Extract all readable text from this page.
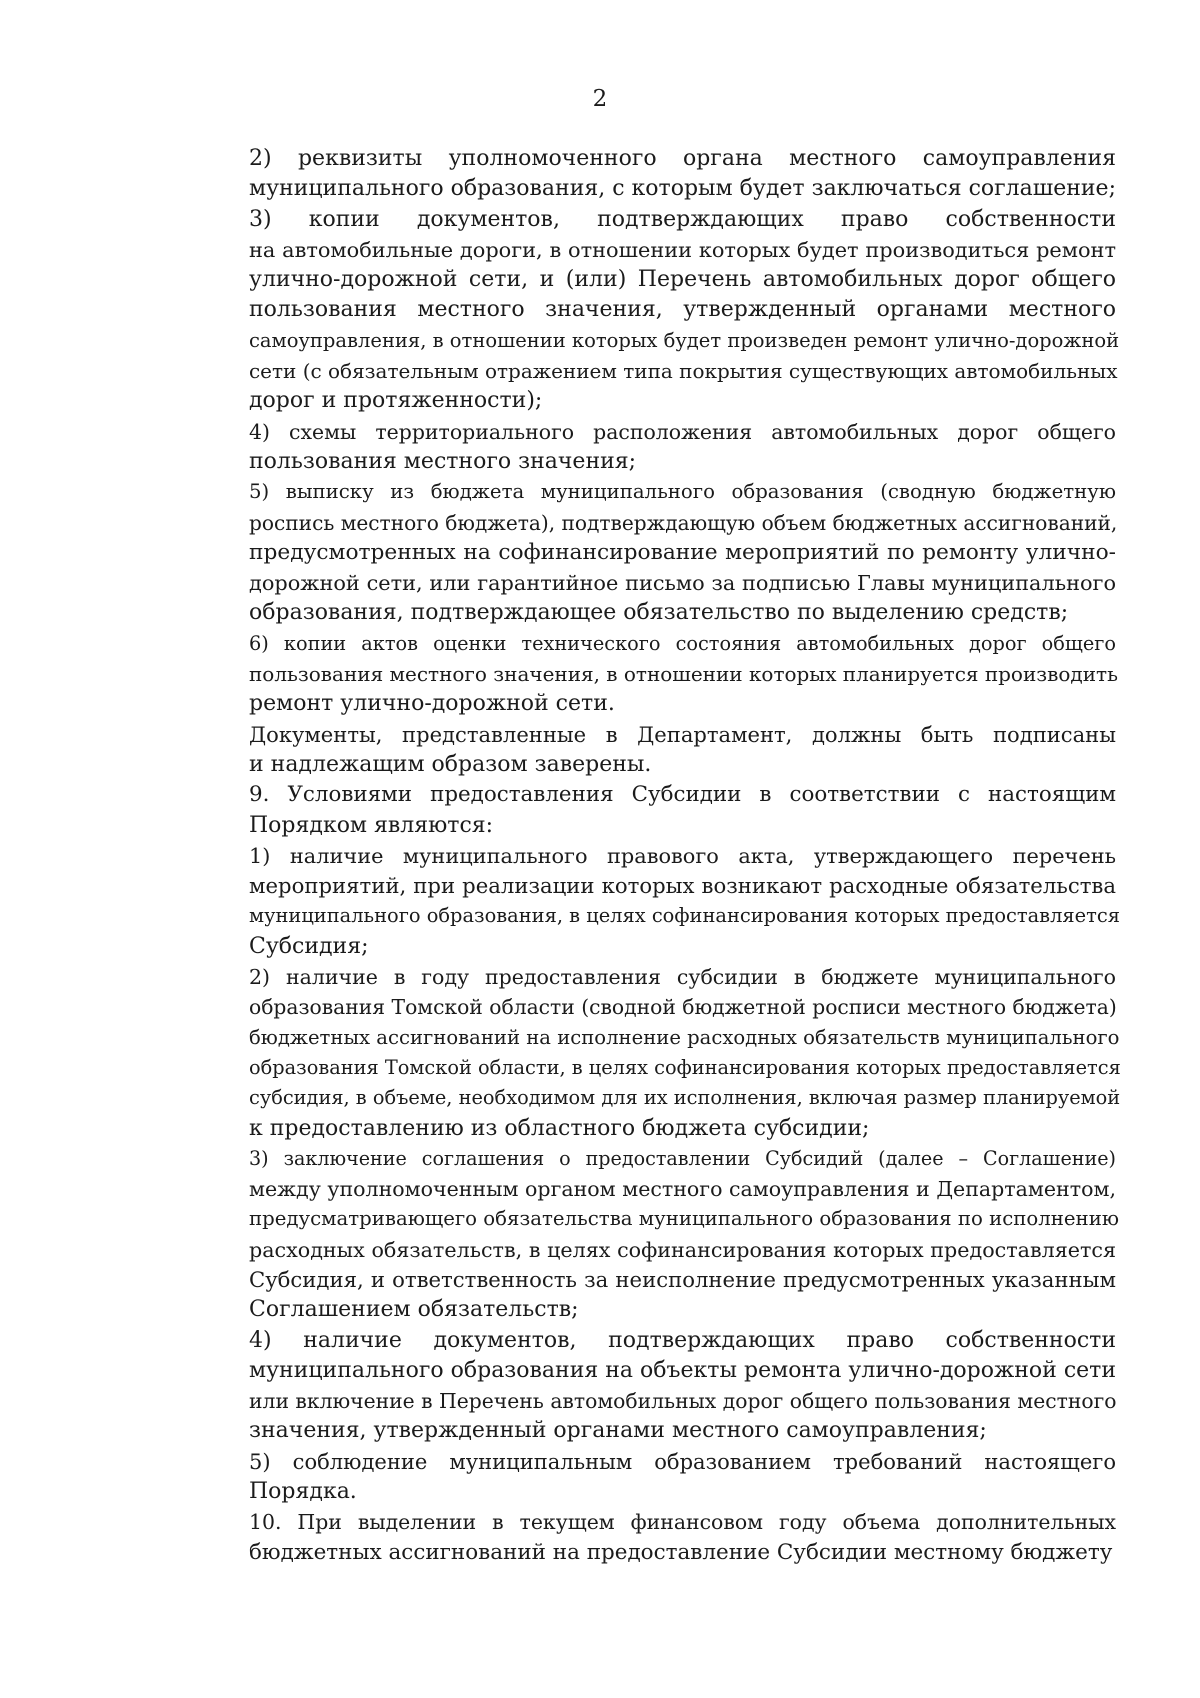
2

2) реквизиты уполномоченного органа местного самоуправления
муниципального образования, с которым будет заключаться соглашение;

3) копии документов, подтверждающих право собственности
на автомобильные дороги, в отношении которых будет производиться ремонт
улично-дорожной сети, и (или) Перечень автомобильных дорог общего
пользования местного значения, утвержденный органами местного
самоуправления, в отношении которых будет произведен ремонт улично-дорожной
сети (с обязательным отражением типа покрытия существующих автомобильных
дорог и протяженности);

4) схемы территориального расположения автомобильных дорог общего
пользования местного значения;

5) выписку из бюджета муниципального образования (сводную бюджетную
роспись местного бюджета), подтверждающую объем бюджетных ассигнований,
предусмотренных на софинансирование мероприятий по ремонту улично-
дорожной сети, или гарантийное письмо за подписью Главы муниципального
образования, подтверждающее обязательство по выделению средств;

6) копии актов оценки технического состояния автомобильных дорог общего
пользования местного значения, в отношении которых планируется производить
ремонт улично-дорожной сети.

Документы, представленные в Департамент, должны быть подписаны
и надлежащим образом заверены.

9. Условиями предоставления Субсидии в соответствии с настоящим
Порядком являются:

1) наличие муниципального правового акта, утверждающего перечень
мероприятий, при реализации которых возникают расходные обязательства
муниципального образования, в целях софинансирования которых предоставляется
Субсидия;

2) наличие в году предоставления субсидии в бюджете муниципального
образования Томской области (сводной бюджетной росписи местного бюджета)
бюджетных ассигнований на исполнение расходных обязательств муниципального
образования Томской области, в целях софинансирования которых предоставляется
субсидия, в объеме, необходимом для их исполнения, включая размер планируемой
к предоставлению из областного бюджета субсидии;

3) заключение соглашения о предоставлении Субсидий (далее – Соглашение)
между уполномоченным органом местного самоуправления и Департаментом,
предусматривающего обязательства муниципального образования по исполнению
расходных обязательств, в целях софинансирования которых предоставляется
Субсидия, и ответственность за неисполнение предусмотренных указанным
Соглашением обязательств;

4) наличие документов, подтверждающих право собственности
муниципального образования на объекты ремонта улично-дорожной сети
или включение в Перечень автомобильных дорог общего пользования местного
значения, утвержденный органами местного самоуправления;

5) соблюдение муниципальным образованием требований настоящего
Порядка.

10. При выделении в текущем финансовом году объема дополнительных
бюджетных ассигнований на предоставление Субсидии местному бюджету
